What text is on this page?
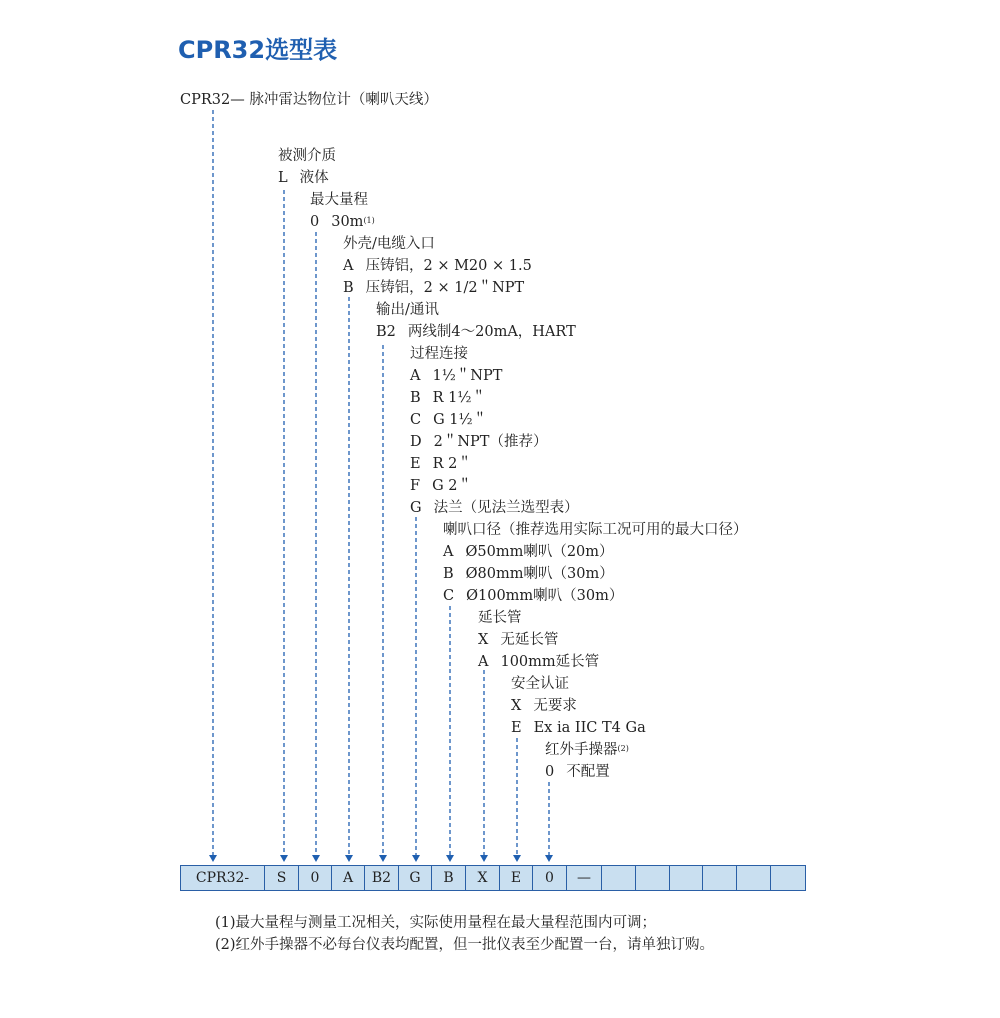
CPR32选型表
CPR32— 脉冲雷达物位计（喇叭天线）
被测介质
L 液体
最大量程
0 $30m^{(1)}$
外壳/电缆入口
A 压铸铝，2 × M20 × 1.5
B 压铸铝，2 × 1/2＂NPT
输出/通讯
B2 两线制4～20mA，HART
过程连接
A 1½＂NPT
B R 1½＂
C G 1½＂
D 2＂NPT（推荐）
E R 2＂
F G 2＂
G 法兰（见法兰选型表）
喇叭口径（推荐选用实际工况可用的最大口径）
A Ø50mm喇叭（20m）
B Ø80mm喇叭（30m）
C Ø100mm喇叭（30m）
延长管
X 无延长管
A 100mm延长管
安全认证
X 无要求
E Ex ia IIC T4 Ga
红外手操器$^{(2)}$
0 不配置
CPR32-	S	0	A	B2	G	B	X	E	0	—
(1)最大量程与测量工况相关，实际使用量程在最大量程范围内可调；
(2)红外手操器不必每台仪表均配置，但一批仪表至少配置一台，请单独订购。
